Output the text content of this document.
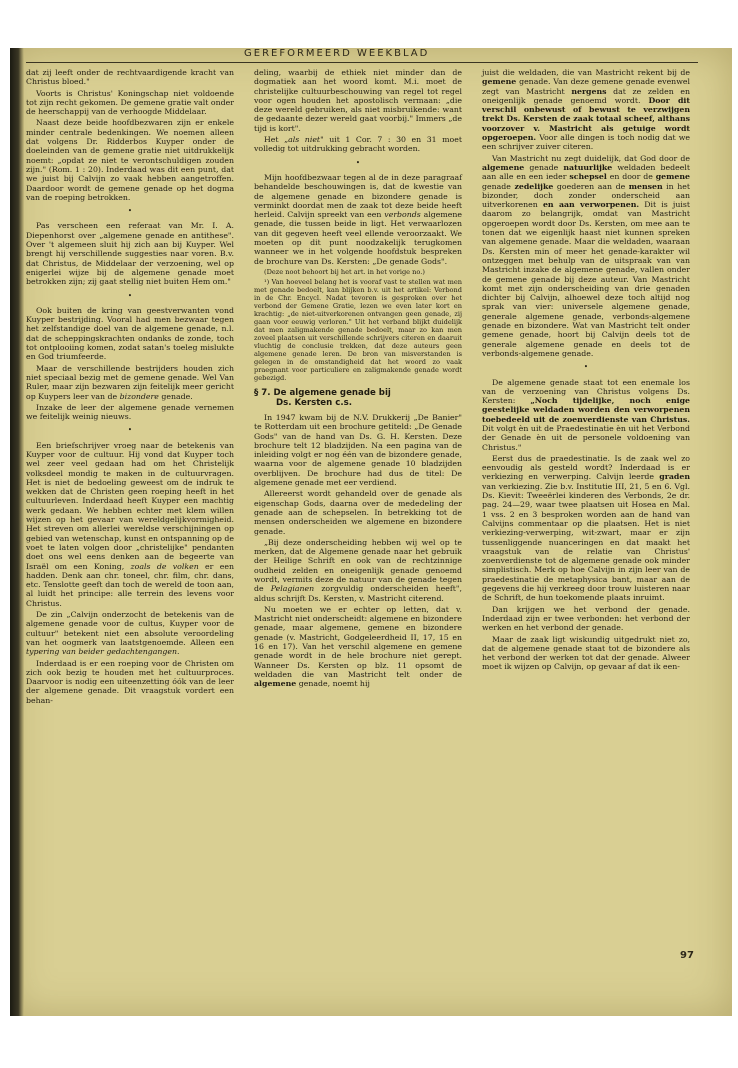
GEREFORMEERD WEEKBLAD

dat zij leeft onder de rechtvaardigende kracht van Christus bloed."

Voorts is Christus' Koningschap niet voldoende tot zijn recht gekomen. De gemene gratie valt onder de heerschappij van de verhoogde Middelaar.

Naast deze beide hoofdbezwaren zijn er enkele minder centrale bedenkingen. We noemen alleen dat volgens Dr. Ridderbos Kuyper onder de doeleinden van de gemene gratie niet uitdrukkelijk noemt: „opdat ze niet te verontschuldigen zouden zijn." (Rom. 1 : 20). Inderdaad was dit een punt, dat we juist bij Calvijn zo vaak hebben aangetroffen. Daardoor wordt de gemene genade op het dogma van de roeping betrokken.

•

Pas verscheen een referaat van Mr. I. A. Diepenhorst over „algemene genade en antithese". Over 't algemeen sluit hij zich aan bij Kuyper. Wel brengt hij verschillende suggesties naar voren. B.v. dat Christus, de Middelaar der verzoening, wel op enigerlei wijze bij de algemene genade moet betrokken zijn; zij gaat stellig niet buiten Hem om."

•

Ook buiten de kring van geestverwanten vond Kuyper bestrijding. Vooral had men bezwaar tegen het zelfstandige doel van de algemene genade, n.l. dat de scheppingskrachten ondanks de zonde, toch tot ontplooiing komen, zodat satan's toeleg mislukte en God triumfeerde.

Maar de verschillende bestrijders houden zich niet speciaal bezig met de gemene genade. Wel Van Ruler, maar zijn bezwaren zijn feitelijk meer gericht op Kuypers leer van de bizondere genade.

Inzake de leer der algemene genade vernemen we feitelijk weinig nieuws.

•

Een briefschrijver vroeg naar de betekenis van Kuyper voor de cultuur. Hij vond dat Kuyper toch wel zeer veel gedaan had om het Christelijk volksdeel mondig te maken in de cultuurvragen. Het is niet de bedoeling geweest om de indruk te wekken dat de Christen geen roeping heeft in het cultuurleven. Inderdaad heeft Kuyper een machtig werk gedaan. We hebben echter met klem willen wijzen op het gevaar van wereldgelijkvormigheid. Het streven om allerlei wereldse verschijningen op gebied van wetenschap, kunst en ontspanning op de voet te laten volgen door „christelijke" pendanten doet ons wel eens denken aan de begeerte van Israël om een Koning, zoals de volken er een hadden. Denk aan chr. toneel, chr. film, chr. dans, etc. Tenslotte geeft dan toch de wereld de toon aan, al luidt het principe: alle terrein des levens voor Christus.

De zin „Calvijn onderzocht de betekenis van de algemene genade voor de cultus, Kuyper voor de cultuur" betekent niet een absolute veroordeling van het oogmerk van laatstgenoemde. Alleen een typering van beider gedachtengangen.

Inderdaad is er een roeping voor de Christen om zich ook bezig te houden met het cultuurproces. Daarvoor is nodig een uiteenzetting óók van de leer der algemene genade. Dit vraagstuk vordert een behan-

deling, waarbij de ethiek niet minder dan de dogmatiek aan het woord komt. M.i. moet de christelijke cultuurbeschouwing van regel tot regel voor ogen houden het apostolisch vermaan: „die deze wereld gebruiken, als niet misbruikende: want de gedaante dezer wereld gaat voorbij." Immers „de tijd is kort".

Het „als niet" uit 1 Cor. 7 : 30 en 31 moet volledig tot uitdrukking gebracht worden.

•

Mijn hoofdbezwaar tegen al de in deze paragraaf behandelde beschouwingen is, dat de kwestie van de algemene genade en bizondere genade is verminkt doordat men de zaak tot deze beide heeft herleid. Calvijn spreekt van een verbonds algemene genade, die tussen beide in ligt. Het verwaarlozen van dit gegeven heeft veel ellende veroorzaakt. We moeten op dit punt noodzakelijk terugkomen wanneer we in het volgende hoofdstuk bespreken de brochure van Ds. Kersten: „De genade Gods".

(Deze noot behoort bij het art. in het vorige no.)

¹) Van hoeveel belang het is vooraf vast te stellen wat men met genade bedoelt, kan blijken b.v. uit het artikel: Verbond in de Chr. Encycl. Nadat tevoren is gesproken over het verbond der Gemene Gratie, lezen we even later kort en krachtig: „de niet-uitverkorenen ontvangen geen genade, zij gaan voor eeuwig verloren." Uit het verband blijkt duidelijk dat men zaligmakende genade bedoelt, maar zo kan men zoveel plaatsen uit verschillende schrijvers citeren en daaruit vluchtig de conclusie trekken, dat deze auteurs geen algemene genade leren. De bron van misverstanden is gelegen in de omstandigheid dat het woord zo vaak praegnant voor particuliere en zaligmakende genade wordt gebezigd.

§ 7. De algemene genade bij
Ds. Kersten c.s.

In 1947 kwam bij de N.V. Drukkerij „De Banier" te Rotterdam uit een brochure getiteld: „De Genade Gods" van de hand van Ds. G. H. Kersten. Deze brochure telt 12 bladzijden. Na een pagina van de inleiding volgt er nog één van de bizondere genade, waarna voor de algemene genade 10 bladzijden overblijven. De brochure had dus de titel: De algemene genade met eer verdiend.

Allereerst wordt gehandeld over de genade als eigenschap Gods, daarna over de mededeling der genade aan de schepselen. In betrekking tot de mensen onderscheiden we algemene en bizondere genade.

„Bij deze onderscheiding hebben wij wel op te merken, dat de Algemene genade naar het gebruik der Heilige Schrift en ook van de rechtzinnige oudheid zelden en oneigenlijk genade genoemd wordt, vermits deze de natuur van de genade tegen de Pelagianen zorgvuldig onderscheiden heeft", aldus schrijft Ds. Kersten, v. Mastricht citerend.

Nu moeten we er echter op letten, dat v. Mastricht niet onderscheidt: algemene en bizondere genade, maar algemene, gemene en bizondere genade (v. Mastricht, Godgeleerdheid II, 17, 15 en 16 en 17). Van het verschil algemene en gemene genade wordt in de hele brochure niet gerept. Wanneer Ds. Kersten op blz. 11 opsomt de weldaden die van Mastricht telt onder de algemene genade, noemt hij

juist die weldaden, die van Mastricht rekent bij de gemene genade. Van deze gemene genade evenwel zegt van Mastricht nergens dat ze zelden en oneigenlijk genade genoemd wordt. Door dit verschil onbewust of bewust te verzwijgen trekt Ds. Kersten de zaak totaal scheef, althans voorzover v. Mastricht als getuige wordt opgeroepen. Voor alle dingen is toch nodig dat we een schrijver zuiver citeren.

Van Mastricht nu zegt duidelijk, dat God door de algemene genade natuurlijke weldaden bedeelt aan alle en een ieder schepsel en door de gemene genade zedelijke goederen aan de mensen in het bizonder, doch zonder onderscheid aan uitverkorenen en aan verworpenen. Dit is juist daarom zo belangrijk, omdat van Mastricht opgeroepen wordt door Ds. Kersten, om mee aan te tonen dat we eigenlijk haast niet kunnen spreken van algemene genade. Maar die weldaden, waaraan Ds. Kersten min of meer het genade-karakter wil ontzeggen met behulp van de uitspraak van van Mastricht inzake de algemene genade, vallen onder de gemene genade bij deze auteur. Van Mastricht komt met zijn onderscheiding van drie genaden dichter bij Calvijn, alhoewel deze toch altijd nog sprak van vier: universele algemene genade, generale algemene genade, verbonds-algemene genade en bizondere. Wat van Mastricht telt onder gemene genade, hoort bij Calvijn deels tot de generale algemene genade en deels tot de verbonds-algemene genade.

•

De algemene genade staat tot een enemale los van de verzoening van Christus volgens Ds. Kersten: „Noch tijdelijke, noch enige geestelijke weldaden worden den verworpenen toebedeeld uit de zoenverdienste van Christus. Dit volgt èn uit de Praedestinatie èn uit het Verbond der Genade èn uit de personele voldoening van Christus."

Eerst dus de praedestinatie. Is de zaak wel zo eenvoudig als gesteld wordt? Inderdaad is er verkiezing en verwerping. Calvijn leerde graden van verkiezing. Zie b.v. Institutie III, 21, 5 en 6. Vgl. Ds. Kievit: Tweeërlei kinderen des Verbonds, 2e dr. pag. 24—29, waar twee plaatsen uit Hosea en Mal. 1 vss. 2 en 3 besproken worden aan de hand van Calvijns commentaar op die plaatsen. Het is niet verkiezing-verwerping, wit-zwart, maar er zijn tussenliggende nuanceringen en dat maakt het vraagstuk van de relatie van Christus' zoenverdienste tot de algemene genade ook minder simplistisch. Merk op hoe Calvijn in zijn leer van de praedestinatie de metaphysica bant, maar aan de gegevens die hij verkreeg door trouw luisteren naar de Schrift, de hun toekomende plaats inruimt.

Dan krijgen we het verbond der genade. Inderdaad zijn er twee verbonden: het verbond der werken en het verbond der genade.

Maar de zaak ligt wiskundig uitgedrukt niet zo, dat de algemene genade staat tot de bizondere als het verbond der werken tot dat der genade. Alweer moet ik wijzen op Calvijn, op gevaar af dat ik een-

97
